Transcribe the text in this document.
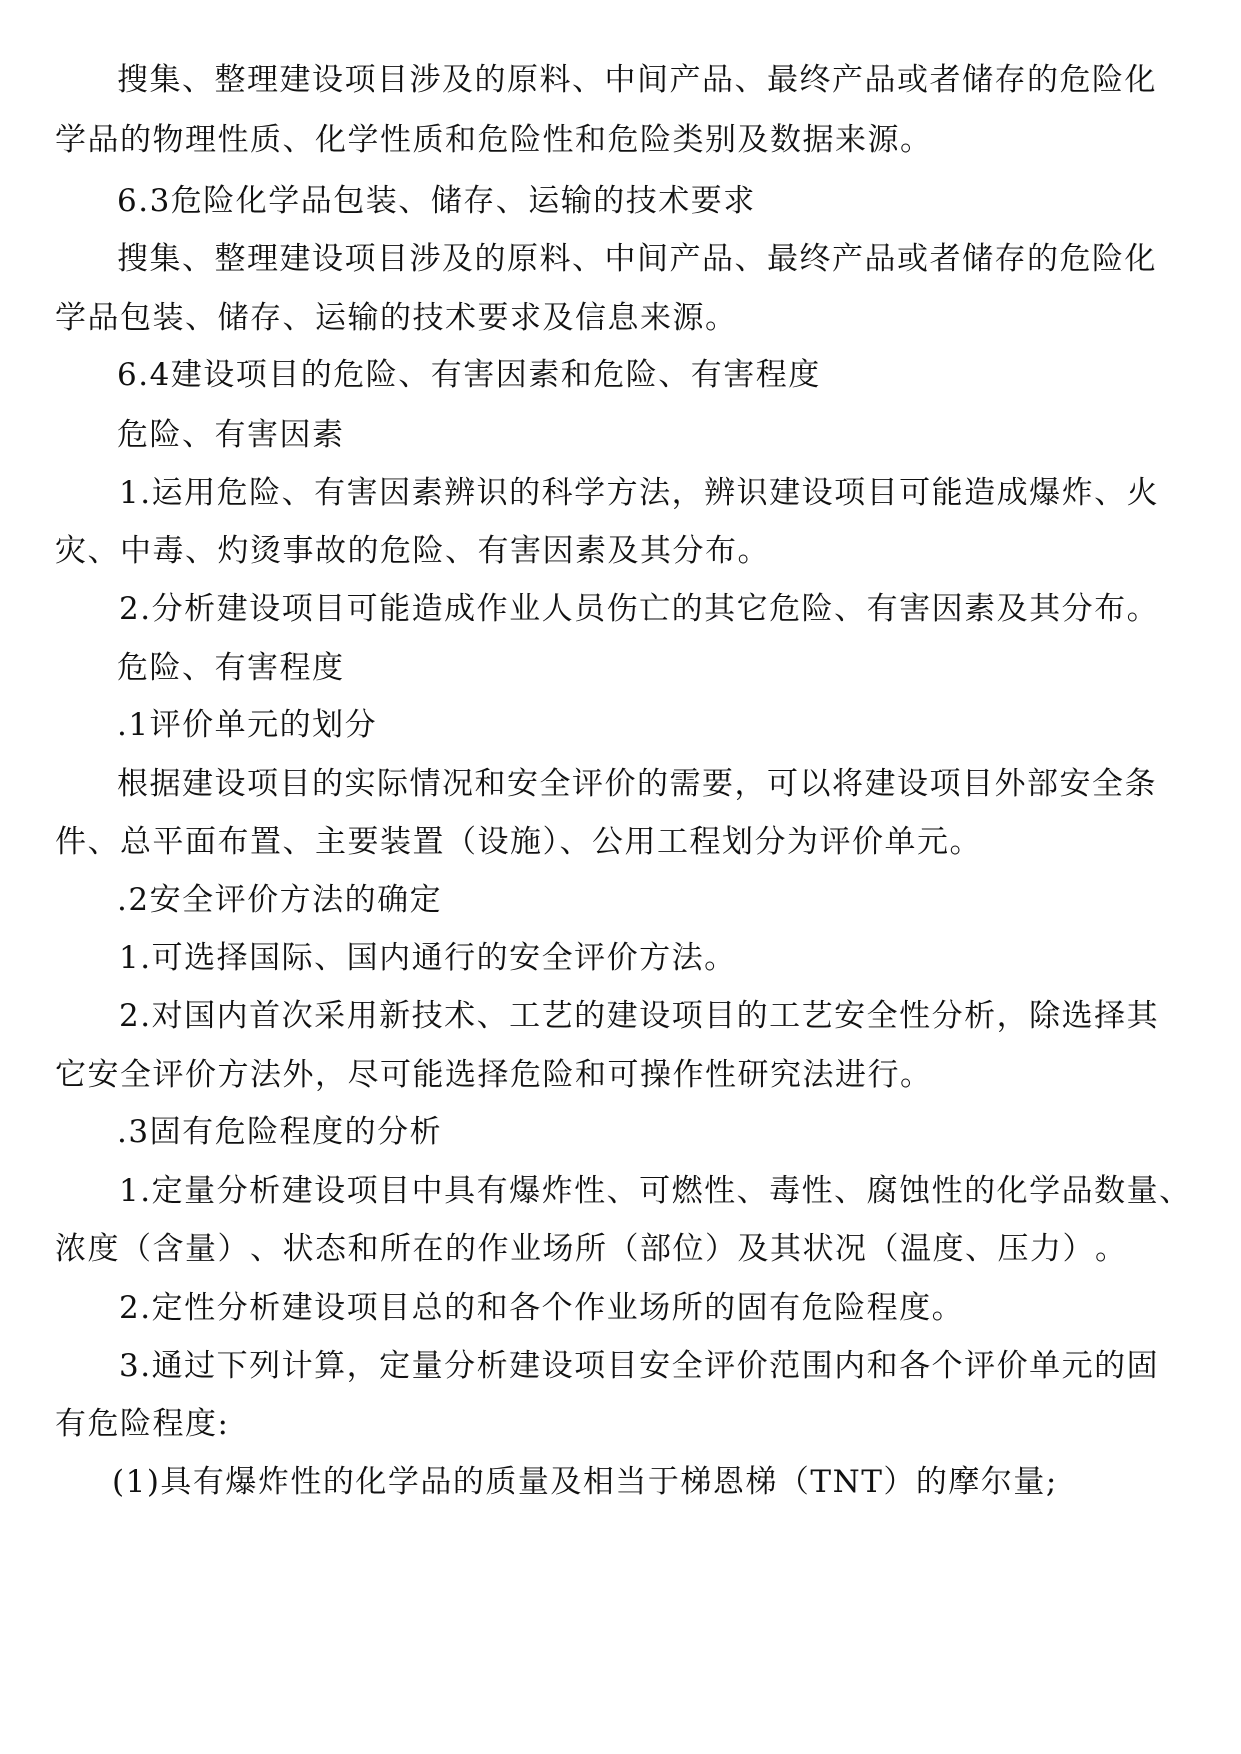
搜 集 、 整 理 建 设 项 目 涉 及 的 原 料 、 中 间 产 品 、 最 终 产 品 或 者 储 存 的 危 险 化
学品的物理性质、化学性质和危险性和危险类别及数据来源。
6.3危险化学品包装、储存、运输的技术要求
搜 集 、 整 理 建 设 项 目 涉 及 的 原 料 、 中 间 产 品 、 最 终 产 品 或 者 储 存 的 危 险 化
学品包装、储存、运输的技术要求及信息来源。
6.4建设项目的危险、有害因素和危险、有害程度
危险、有害因素
1 . 运 用 危 险 、 有 害 因 素 辨 识 的 科 学 方 法 ， 辨 识 建 设 项 目 可 能 造 成 爆 炸 、 火
灾、中毒、灼烫事故的危险、有害因素及其分布。
2 . 分 析 建 设 项 目 可 能 造 成 作 业 人 员 伤 亡 的 其 它 危 险 、 有 害 因 素 及 其 分 布 。
危险、有害程度
.1评价单元的划分
根 据 建 设 项 目 的 实 际 情 况 和 安 全 评 价 的 需 要 ， 可 以 将 建 设 项 目 外 部 安 全 条
件、总平面布置、主要装置（设施）、公用工程划分为评价单元。
.2安全评价方法的确定
1.可选择国际、国内通行的安全评价方法。
2 . 对 国 内 首 次 采 用 新 技 术 、 工 艺 的 建 设 项 目 的 工 艺 安 全 性 分 析 ， 除 选 择 其
它安全评价方法外，尽可能选择危险和可操作性研究法进行。
.3固有危险程度的分析
1 . 定 量 分 析 建 设 项 目 中 具 有 爆 炸 性 、 可 燃 性 、 毒 性 、 腐 蚀 性 的 化 学 品 数 量 、
浓 度 （ 含 量 ） 、 状 态 和 所 在 的 作 业 场 所 （ 部 位 ） 及 其 状 况 （ 温 度 、 压 力 ） 。
2.定性分析建设项目总的和各个作业场所的固有危险程度。
3 . 通 过 下 列 计 算 ， 定 量 分 析 建 设 项 目 安 全 评 价 范 围 内 和 各 个 评 价 单 元 的 固
有危险程度:
(1)具有爆炸性的化学品的质量及相当于梯恩梯（TNT）的摩尔量;
